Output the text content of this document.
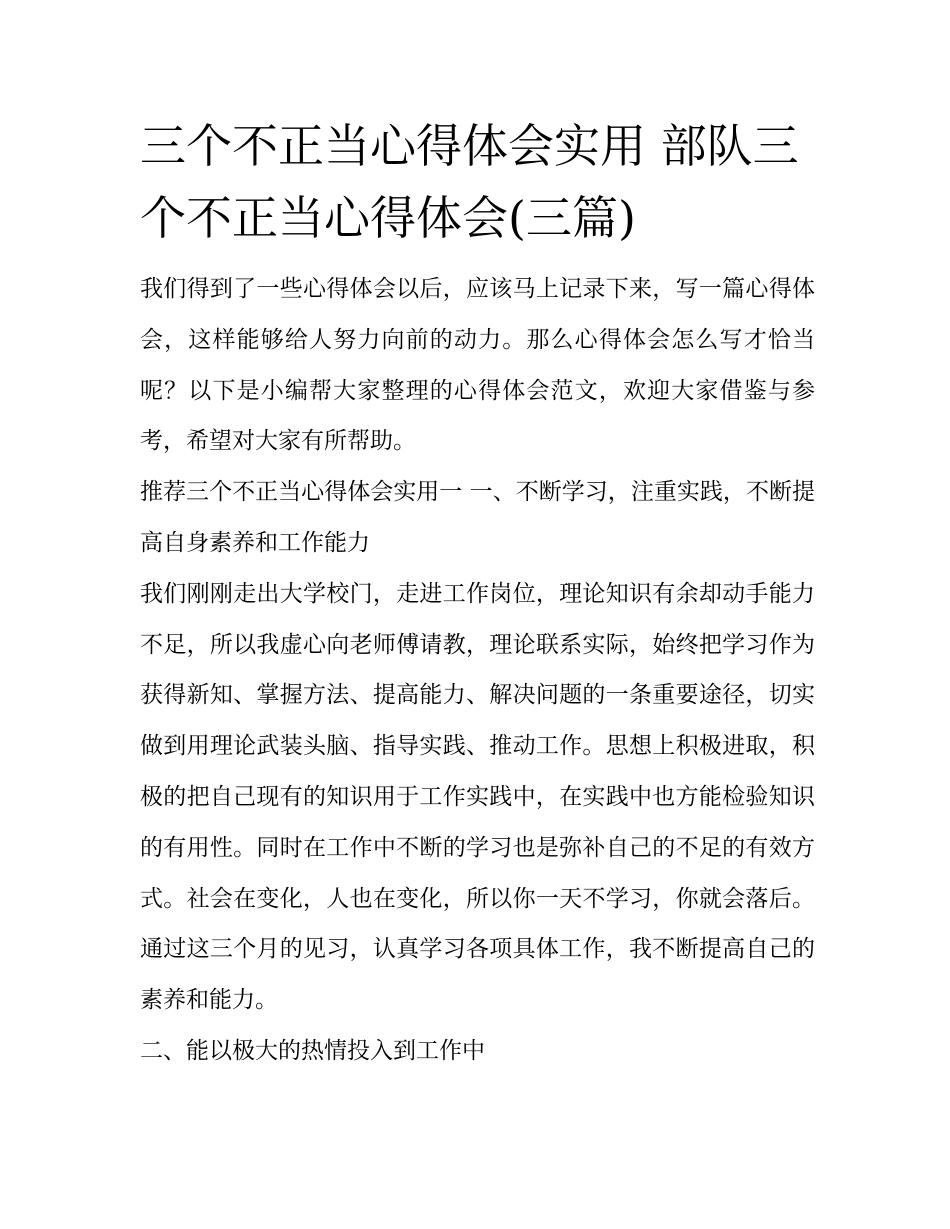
三个不正当心得体会实用 部队三个不正当心得体会(三篇)

我们得到了一些心得体会以后，应该马上记录下来，写一篇心得体会，这样能够给人努力向前的动力。那么心得体会怎么写才恰当呢？以下是小编帮大家整理的心得体会范文，欢迎大家借鉴与参考，希望对大家有所帮助。

推荐三个不正当心得体会实用一 一、不断学习，注重实践，不断提高自身素养和工作能力

我们刚刚走出大学校门，走进工作岗位，理论知识有余却动手能力不足，所以我虚心向老师傅请教，理论联系实际，始终把学习作为获得新知、掌握方法、提高能力、解决问题的一条重要途径，切实做到用理论武装头脑、指导实践、推动工作。思想上积极进取，积极的把自己现有的知识用于工作实践中，在实践中也方能检验知识的有用性。同时在工作中不断的学习也是弥补自己的不足的有效方式。社会在变化，人也在变化，所以你一天不学习，你就会落后。通过这三个月的见习，认真学习各项具体工作，我不断提高自己的素养和能力。

二、能以极大的热情投入到工作中
